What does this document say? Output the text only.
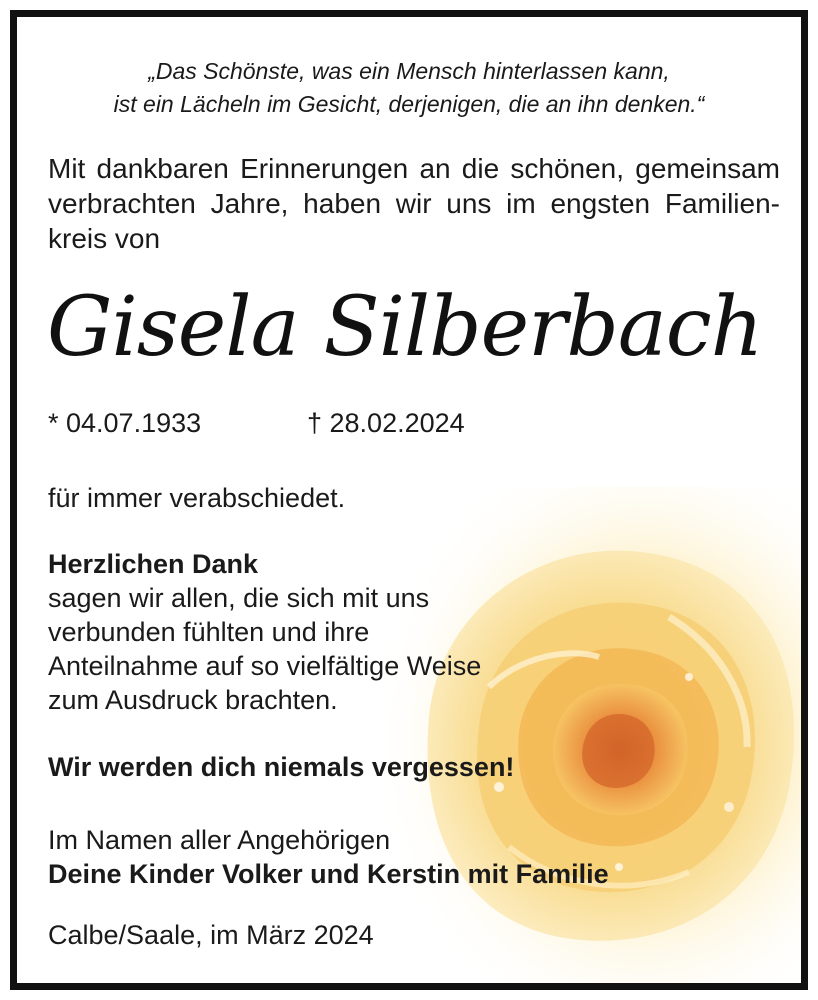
„Das Schönste, was ein Mensch hinterlassen kann,
ist ein Lächeln im Gesicht, derjenigen, die an ihn denken.“
Mit dankbaren Erinnerungen an die schönen, gemeinsam
verbrachten Jahre, haben wir uns im engsten Familien-
kreis von
Gisela Silberbach
* 04.07.1933	† 28.02.2024
für immer verabschiedet.
Herzlichen Dank
sagen wir allen, die sich mit uns
verbunden fühlten und ihre
Anteilnahme auf so vielfältige Weise
zum Ausdruck brachten.
Wir werden dich niemals vergessen!
Im Namen aller Angehörigen
Deine Kinder Volker und Kerstin mit Familie
Calbe/Saale, im März 2024
